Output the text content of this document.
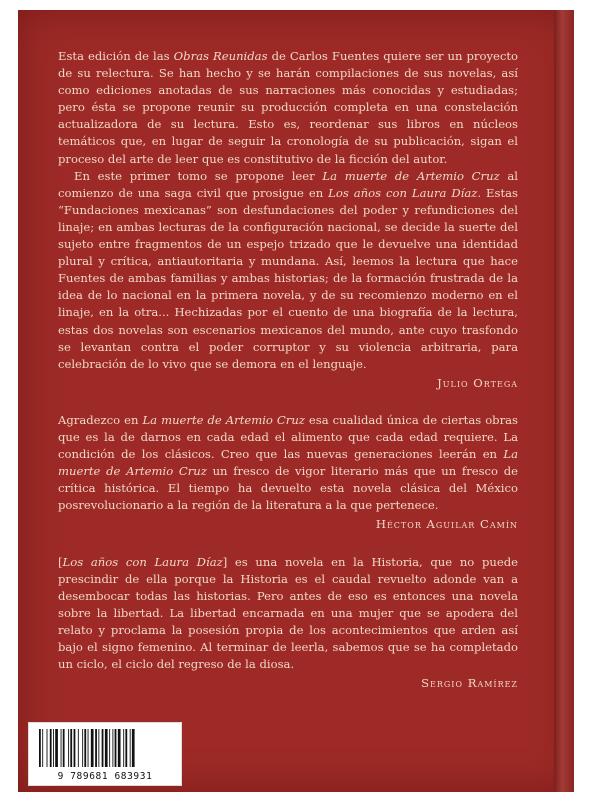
Esta edición de las Obras Reunidas de Carlos Fuentes quiere ser un proyecto de su relectura. Se han hecho y se harán compilaciones de sus novelas, así como ediciones anotadas de sus narraciones más conocidas y estudiadas; pero ésta se propone reunir su producción completa en una constelación actualizadora de su lectura. Esto es, reordenar sus libros en núcleos temáticos que, en lugar de seguir la cronología de su publicación, sigan el proceso del arte de leer que es constitutivo de la ficción del autor.

En este primer tomo se propone leer La muerte de Artemio Cruz al comienzo de una saga civil que prosigue en Los años con Laura Díaz. Estas “Fundaciones mexicanas” son desfundaciones del poder y refundiciones del linaje; en ambas lecturas de la configuración nacional, se decide la suerte del sujeto entre fragmentos de un espejo trizado que le devuelve una identidad plural y crítica, antiautoritaria y mundana. Así, leemos la lectura que hace Fuentes de ambas familias y ambas historias; de la formación frustrada de la idea de lo nacional en la primera novela, y de su recomienzo moderno en el linaje, en la otra... Hechizadas por el cuento de una biografía de la lectura, estas dos novelas son escenarios mexicanos del mundo, ante cuyo trasfondo se levantan contra el poder corruptor y su violencia arbitraria, para celebración de lo vivo que se demora en el lenguaje.

Julio Ortega

Agradezco en La muerte de Artemio Cruz esa cualidad única de ciertas obras que es la de darnos en cada edad el alimento que cada edad requiere. La condición de los clásicos. Creo que las nuevas generaciones leerán en La muerte de Artemio Cruz un fresco de vigor literario más que un fresco de crítica histórica. El tiempo ha devuelto esta novela clásica del México posrevolucionario a la región de la literatura a la que pertenece.

Héctor Aguilar Camín

[Los años con Laura Díaz] es una novela en la Historia, que no puede prescindir de ella porque la Historia es el caudal revuelto adonde van a desembocar todas las historias. Pero antes de eso es entonces una novela sobre la libertad. La libertad encarnada en una mujer que se apodera del relato y proclama la posesión propia de los acontecimientos que arden así bajo el signo femenino. Al terminar de leerla, sabemos que se ha completado un ciclo, el ciclo del regreso de la diosa.

Sergio Ramírez

9 789681 683931
